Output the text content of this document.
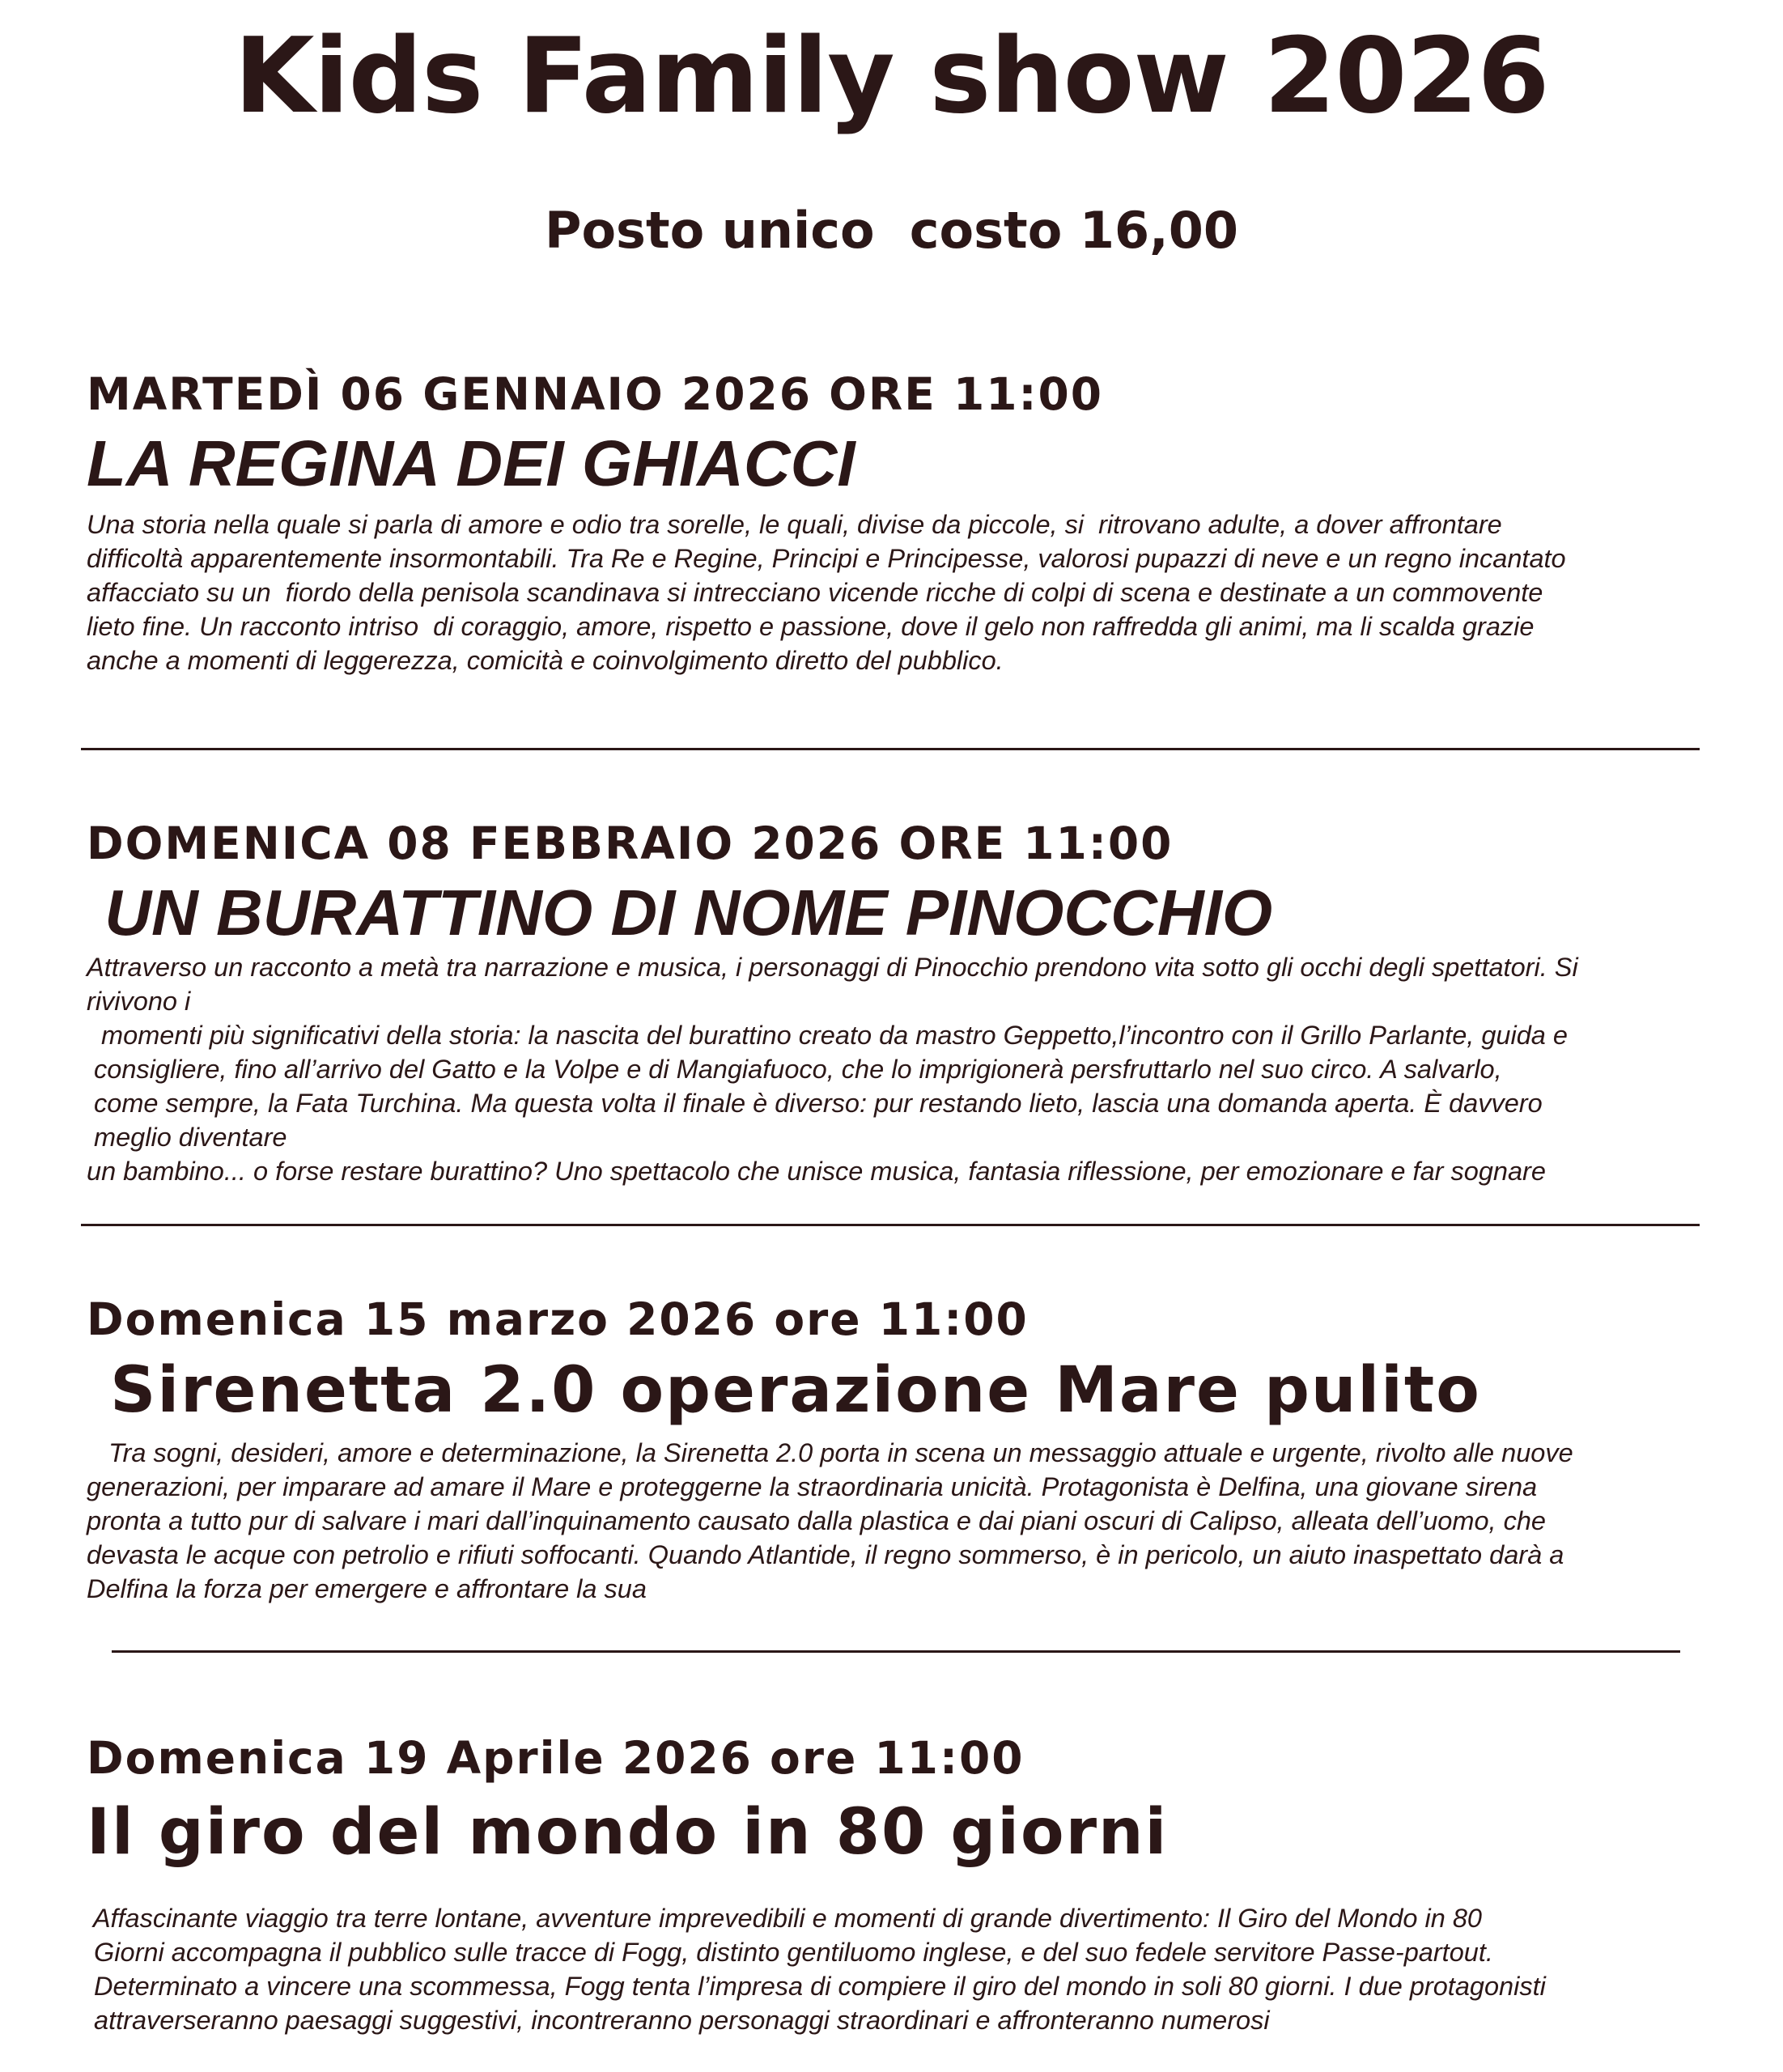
Kids Family show 2026
Posto unico  costo 16,00
MARTEDÌ 06 GENNAIO 2026 ORE 11:00
LA REGINA DEI GHIACCI
Una storia nella quale si parla di amore e odio tra sorelle, le quali, divise da piccole, si  ritrovano adulte, a dover affrontare
difficoltà apparentemente insormontabili. Tra Re e Regine, Principi e Principesse, valorosi pupazzi di neve e un regno incantato
affacciato su un  fiordo della penisola scandinava si intrecciano vicende ricche di colpi di scena e destinate a un commovente
lieto fine. Un racconto intriso  di coraggio, amore, rispetto e passione, dove il gelo non raffredda gli animi, ma li scalda grazie
anche a momenti di leggerezza, comicità e coinvolgimento diretto del pubblico.
DOMENICA 08 FEBBRAIO 2026 ORE 11:00
UN BURATTINO DI NOME PINOCCHIO
Attraverso un racconto a metà tra narrazione e musica, i personaggi di Pinocchio prendono vita sotto gli occhi degli spettatori. Si
rivivono i
momenti più significativi della storia: la nascita del burattino creato da mastro Geppetto,l’incontro con il Grillo Parlante, guida e
consigliere, fino all’arrivo del Gatto e la Volpe e di Mangiafuoco, che lo imprigionerà persfruttarlo nel suo circo. A salvarlo,
come sempre, la Fata Turchina. Ma questa volta il finale è diverso: pur restando lieto, lascia una domanda aperta. È davvero
meglio diventare
un bambino... o forse restare burattino? Uno spettacolo che unisce musica, fantasia riflessione, per emozionare e far sognare
Domenica 15 marzo 2026 ore 11:00
Sirenetta 2.0 operazione Mare pulito
Tra sogni, desideri, amore e determinazione, la Sirenetta 2.0 porta in scena un messaggio attuale e urgente, rivolto alle nuove
generazioni, per imparare ad amare il Mare e proteggerne la straordinaria unicità. Protagonista è Delfina, una giovane sirena
pronta a tutto pur di salvare i mari dall’inquinamento causato dalla plastica e dai piani oscuri di Calipso, alleata dell’uomo, che
devasta le acque con petrolio e rifiuti soffocanti. Quando Atlantide, il regno sommerso, è in pericolo, un aiuto inaspettato darà a
Delfina la forza per emergere e affrontare la sua
Domenica 19 Aprile 2026 ore 11:00
Il giro del mondo in 80 giorni
Affascinante viaggio tra terre lontane, avventure imprevedibili e momenti di grande divertimento: Il Giro del Mondo in 80
Giorni accompagna il pubblico sulle tracce di Fogg, distinto gentiluomo inglese, e del suo fedele servitore Passe-partout.
Determinato a vincere una scommessa, Fogg tenta l’impresa di compiere il giro del mondo in soli 80 giorni. I due protagonisti
attraverseranno paesaggi suggestivi, incontreranno personaggi straordinari e affronteranno numerosi
